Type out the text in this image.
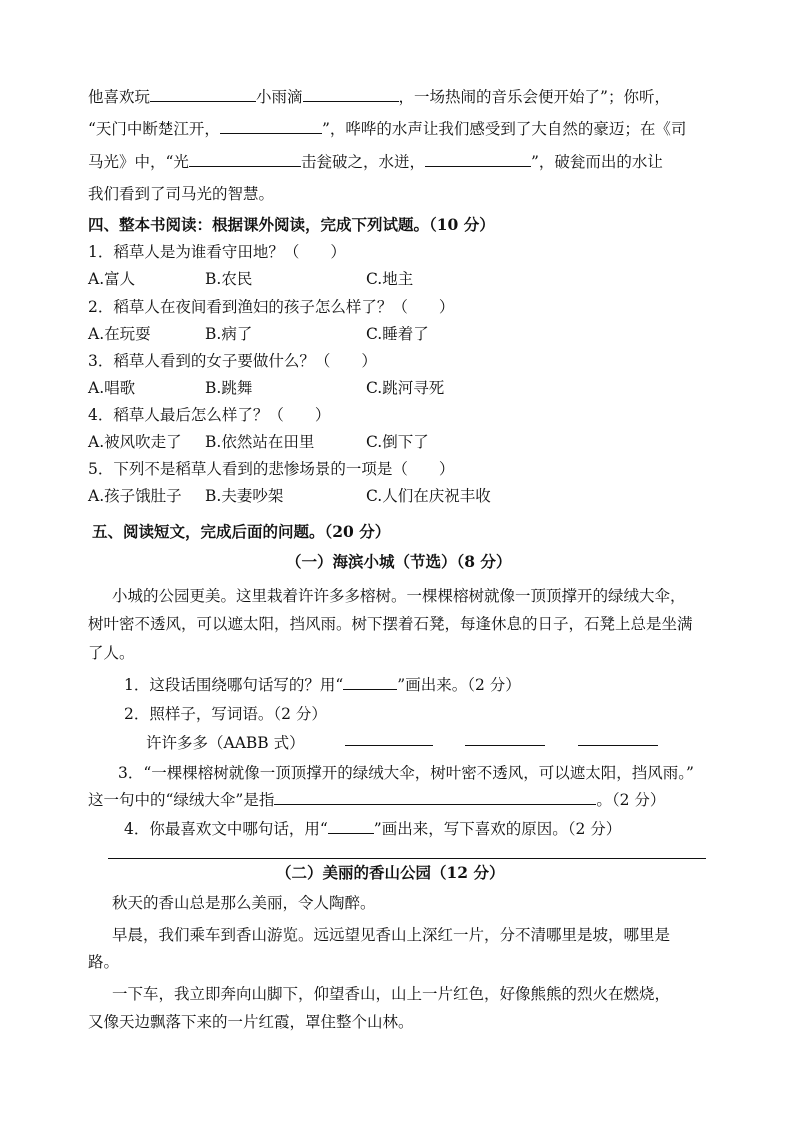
他喜欢玩	小雨滴	，一场热闹的音乐会便开始了”；你听，
“天门中断楚江开，	”，哗哗的水声让我们感受到了大自然的豪迈；在《司
马光》中，“光	击瓮破之，水迸，	”，破瓮而出的水让
我们看到了司马光的智慧。
四、整本书阅读：根据课外阅读，完成下列试题。（10 分）
1．稻草人是为谁看守田地？（　　）
A.富人	B.农民	C.地主
2．稻草人在夜间看到渔妇的孩子怎么样了？（　　）
A.在玩耍	B.病了	C.睡着了
3．稻草人看到的女子要做什么？（　　）
A.唱歌	B.跳舞	C.跳河寻死
4．稻草人最后怎么样了？（　　）
A.被风吹走了 B.依然站在田里	C.倒下了
5．下列不是稻草人看到的悲惨场景的一项是（　　）
A.孩子饿肚子 B.夫妻吵架	C.人们在庆祝丰收
五、阅读短文，完成后面的问题。（20 分）
（一）海滨小城（节选）（8 分）
小城的公园更美。这里栽着许许多多榕树。一棵棵榕树就像一顶顶撑开的绿绒大伞，
树叶密不透风，可以遮太阳，挡风雨。树下摆着石凳，每逢休息的日子，石凳上总是坐满
了人。
1．这段话围绕哪句话写的？用“	”画出来。（2 分）
2．照样子，写词语。（2 分）
许许多多（AABB 式）
3．“一棵棵榕树就像一顶顶撑开的绿绒大伞，树叶密不透风，可以遮太阳，挡风雨。”
这一句中的“绿绒大伞”是指	。（2 分）
4．你最喜欢文中哪句话，用“	”画出来，写下喜欢的原因。（2 分）
（二）美丽的香山公园（12 分）
秋天的香山总是那么美丽，令人陶醉。
早晨，我们乘车到香山游览。远远望见香山上深红一片，分不清哪里是坡，哪里是
路。
一下车，我立即奔向山脚下，仰望香山，山上一片红色，好像熊熊的烈火在燃烧，
又像天边飘落下来的一片红霞，罩住整个山林。
